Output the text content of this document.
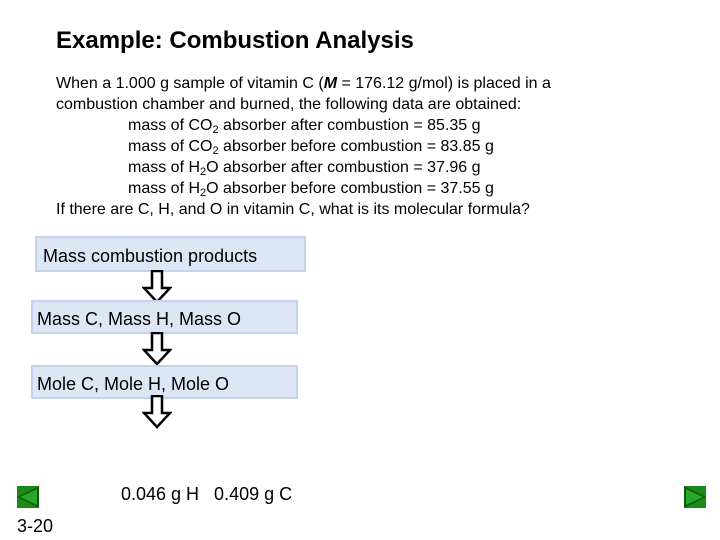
Example: Combustion Analysis
When a 1.000 g sample of vitamin C (M = 176.12 g/mol) is placed in a
combustion chamber and burned, the following data are obtained:
mass of $CO_2$ absorber after combustion = 85.35 g
mass of $CO_2$ absorber before combustion = 83.85 g
mass of $H_2O$ absorber after combustion = 37.96 g
mass of $H_2O$ absorber before combustion = 37.55 g
If there are C, H, and O in vitamin C, what is its molecular formula?
Mass combustion products
Mass C, Mass H, Mass O
Mole C, Mole H, Mole O
0.046 g H   0.409 g C
3-20
